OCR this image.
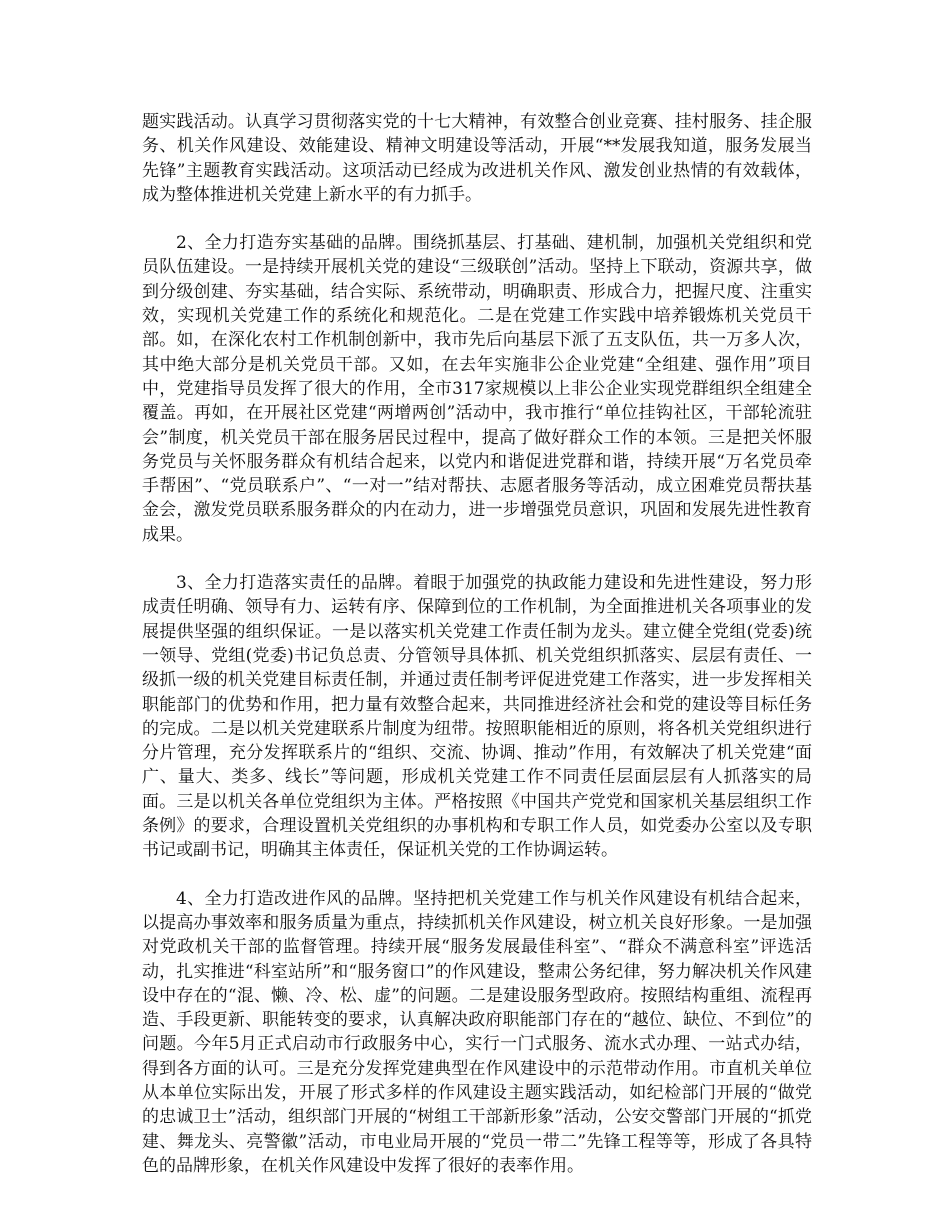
题实践活动。认真学习贯彻落实党的十七大精神，有效整合创业竞赛、挂村服务、挂企服务、机关作风建设、效能建设、精神文明建设等活动，开展“**发展我知道，服务发展当先锋”主题教育实践活动。这项活动已经成为改进机关作风、激发创业热情的有效载体，成为整体推进机关党建上新水平的有力抓手。

2、全力打造夯实基础的品牌。围绕抓基层、打基础、建机制，加强机关党组织和党员队伍建设。一是持续开展机关党的建设“三级联创”活动。坚持上下联动，资源共享，做到分级创建、夯实基础，结合实际、系统带动，明确职责、形成合力，把握尺度、注重实效，实现机关党建工作的系统化和规范化。二是在党建工作实践中培养锻炼机关党员干部。如，在深化农村工作机制创新中，我市先后向基层下派了五支队伍，共一万多人次，其中绝大部分是机关党员干部。又如，在去年实施非公企业党建“全组建、强作用”项目中，党建指导员发挥了很大的作用，全市317家规模以上非公企业实现党群组织全组建全覆盖。再如，在开展社区党建“两增两创”活动中，我市推行“单位挂钩社区，干部轮流驻会”制度，机关党员干部在服务居民过程中，提高了做好群众工作的本领。三是把关怀服务党员与关怀服务群众有机结合起来，以党内和谐促进党群和谐，持续开展“万名党员牵手帮困”、“党员联系户”、“一对一”结对帮扶、志愿者服务等活动，成立困难党员帮扶基金会，激发党员联系服务群众的内在动力，进一步增强党员意识，巩固和发展先进性教育成果。

3、全力打造落实责任的品牌。着眼于加强党的执政能力建设和先进性建设，努力形成责任明确、领导有力、运转有序、保障到位的工作机制，为全面推进机关各项事业的发展提供坚强的组织保证。一是以落实机关党建工作责任制为龙头。建立健全党组(党委)统一领导、党组(党委)书记负总责、分管领导具体抓、机关党组织抓落实、层层有责任、一级抓一级的机关党建目标责任制，并通过责任制考评促进党建工作落实，进一步发挥相关职能部门的优势和作用，把力量有效整合起来，共同推进经济社会和党的建设等目标任务的完成。二是以机关党建联系片制度为纽带。按照职能相近的原则，将各机关党组织进行分片管理，充分发挥联系片的“组织、交流、协调、推动”作用，有效解决了机关党建“面广、量大、类多、线长”等问题，形成机关党建工作不同责任层面层层有人抓落实的局面。三是以机关各单位党组织为主体。严格按照《中国共产党党和国家机关基层组织工作条例》的要求，合理设置机关党组织的办事机构和专职工作人员，如党委办公室以及专职书记或副书记，明确其主体责任，保证机关党的工作协调运转。

4、全力打造改进作风的品牌。坚持把机关党建工作与机关作风建设有机结合起来，以提高办事效率和服务质量为重点，持续抓机关作风建设，树立机关良好形象。一是加强对党政机关干部的监督管理。持续开展“服务发展最佳科室”、“群众不满意科室”评选活动，扎实推进“科室站所”和“服务窗口”的作风建设，整肃公务纪律，努力解决机关作风建设中存在的“混、懒、冷、松、虚”的问题。二是建设服务型政府。按照结构重组、流程再造、手段更新、职能转变的要求，认真解决政府职能部门存在的“越位、缺位、不到位”的问题。今年5月正式启动市行政服务中心，实行一门式服务、流水式办理、一站式办结，得到各方面的认可。三是充分发挥党建典型在作风建设中的示范带动作用。市直机关单位从本单位实际出发，开展了形式多样的作风建设主题实践活动，如纪检部门开展的“做党的忠诚卫士”活动，组织部门开展的“树组工干部新形象”活动，公安交警部门开展的“抓党建、舞龙头、亮警徽”活动，市电业局开展的“党员一带二”先锋工程等等，形成了各具特色的品牌形象，在机关作风建设中发挥了很好的表率作用。
